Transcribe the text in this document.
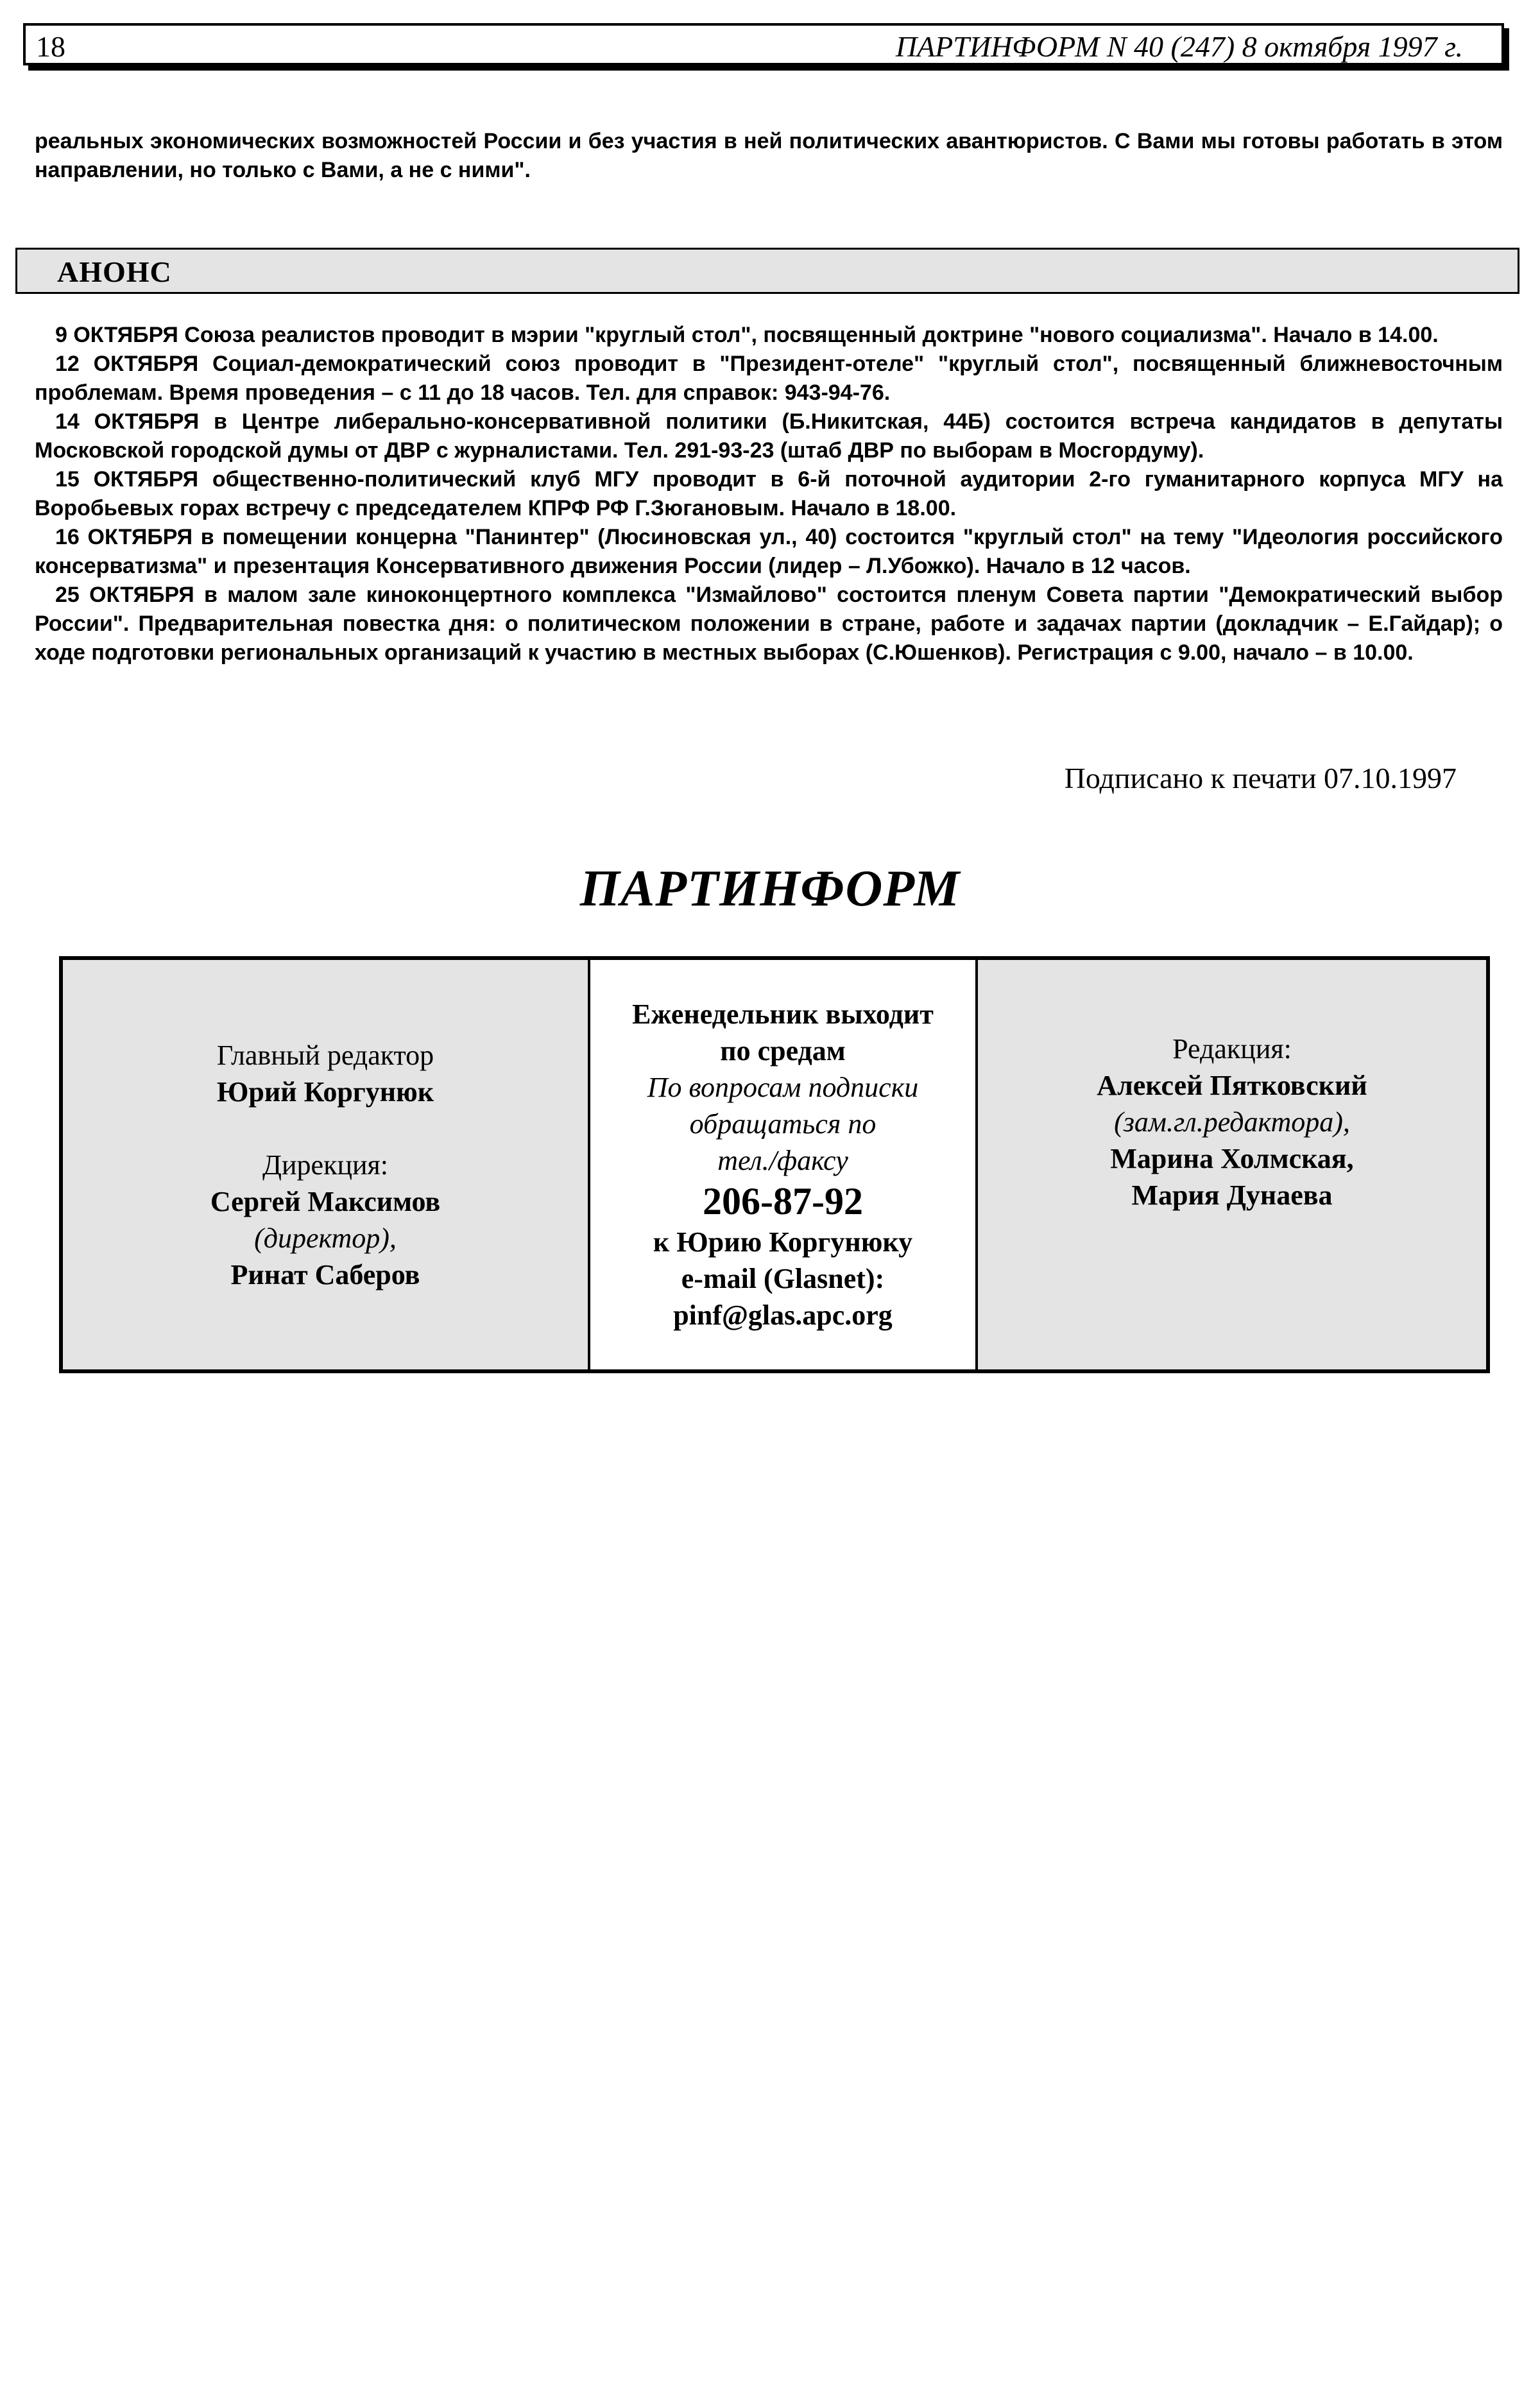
18	ПАРТИНФОРМ N 40 (247) 8 октября 1997 г.
реальных экономических возможностей России и без участия в ней политических авантюристов. С Вами мы готовы работать в этом направлении, но только с Вами, а не с ними".
АНОНС

9 ОКТЯБРЯ Союза реалистов проводит в мэрии "круглый стол", посвященный доктрине "нового социализма". Начало в 14.00.

12 ОКТЯБРЯ Социал-демократический союз проводит в "Президент-отеле" "круглый стол", посвященный ближневосточным проблемам. Время проведения – с 11 до 18 часов. Тел. для справок: 943-94-76.

14 ОКТЯБРЯ в Центре либерально-консервативной политики (Б.Никитская, 44Б) состоится встреча кандидатов в депутаты Московской городской думы от ДВР с журналистами. Тел. 291-93-23 (штаб ДВР по выборам в Мосгордуму).

15 ОКТЯБРЯ общественно-политический клуб МГУ проводит в 6-й поточной аудитории 2-го гуманитарного корпуса МГУ на Воробьевых горах встречу с председателем КПРФ РФ Г.Зюгановым. Начало в 18.00.

16 ОКТЯБРЯ в помещении концерна "Панинтер" (Люсиновская ул., 40) состоится "круглый стол" на тему "Идеология российского консерватизма" и презентация Консервативного движения России (лидер – Л.Убожко). Начало в 12 часов.

25 ОКТЯБРЯ в малом зале киноконцертного комплекса "Измайлово" состоится пленум Совета партии "Демократический выбор России". Предварительная повестка дня: о политическом положении в стране, работе и задачах партии (докладчик – Е.Гайдар); о ходе подготовки региональных организаций к участию в местных выборах (С.Юшенков). Регистрация с 9.00, начало – в 10.00.

Подписано к печати 07.10.1997
ПАРТИНФОРМ
Главный редактор
Юрий Коргунюк
Дирекция:
Сергей Максимов
(директор),
Ринат Саберов
Еженедельник выходит
по средам
По вопросам подписки
обращаться по
тел./факсу
206-87-92
к Юрию Коргунюку
e-mail (Glasnet):
pinf@glas.apc.org
Редакция:
Алексей Пятковский
(зам.гл.редактора),
Марина Холмская,
Мария Дунаева
